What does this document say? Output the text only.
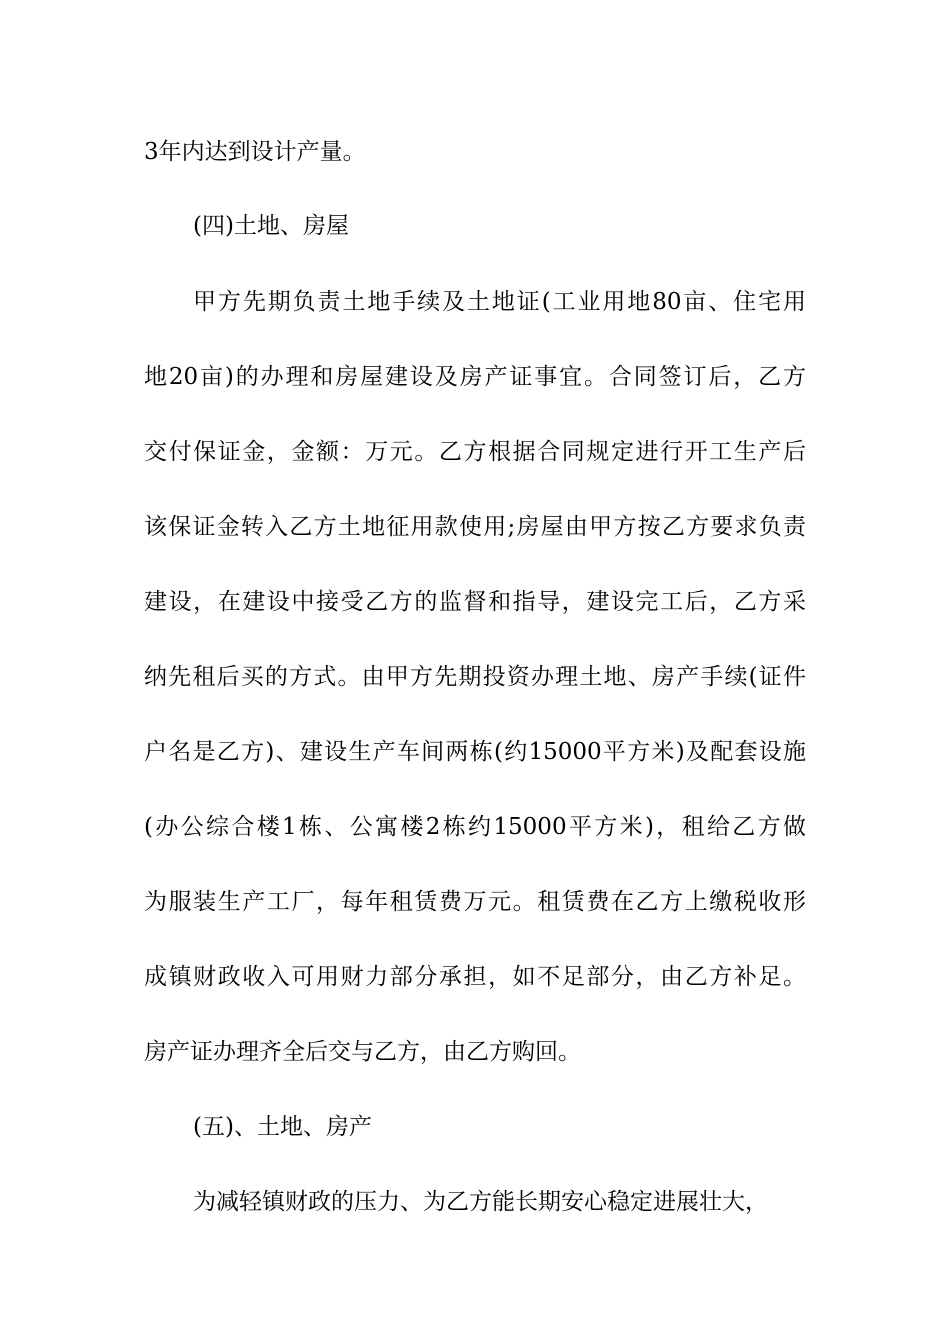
3年内达到设计产量。
(四)土地、房屋
甲方先期负责土地手续及土地证(工业用地80亩、住宅用
地20亩)的办理和房屋建设及房产证事宜。合同签订后，乙方
交付保证金，金额：万元。乙方根据合同规定进行开工生产后
该保证金转入乙方土地征用款使用;房屋由甲方按乙方要求负责
建设，在建设中接受乙方的监督和指导，建设完工后，乙方采
纳先租后买的方式。由甲方先期投资办理土地、房产手续(证件
户名是乙方)、建设生产车间两栋(约15000平方米)及配套设施
(办公综合楼1栋、公寓楼2栋约15000平方米)，租给乙方做
为服装生产工厂，每年租赁费万元。租赁费在乙方上缴税收形
成镇财政收入可用财力部分承担，如不足部分，由乙方补足。
房产证办理齐全后交与乙方，由乙方购回。
(五)、土地、房产
为减轻镇财政的压力、为乙方能长期安心稳定进展壮大，
